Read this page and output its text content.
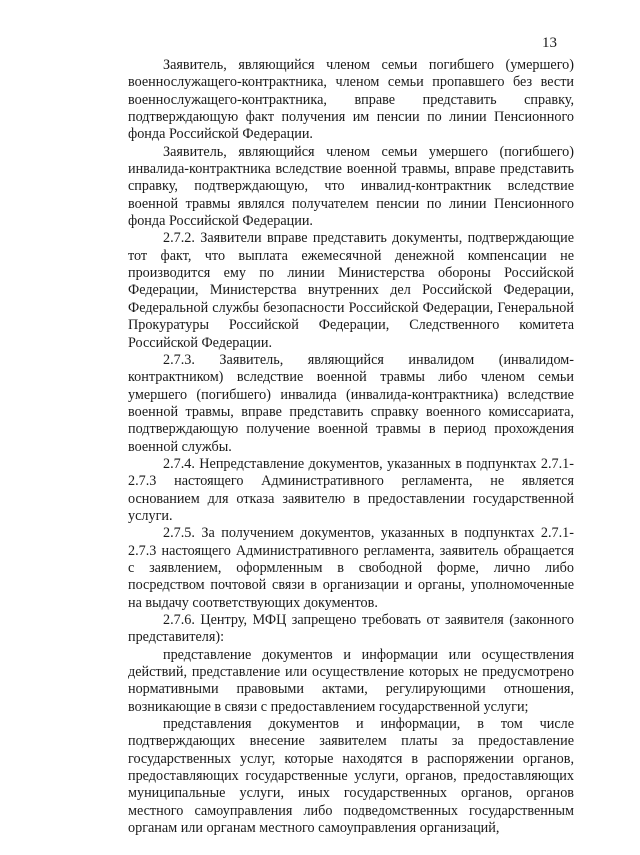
13

Заявитель, являющийся членом семьи погибшего (умершего) военнослужащего-контрактника, членом семьи пропавшего без вести военнослужащего-контрактника, вправе представить справку, подтверждающую факт получения им пенсии по линии Пенсионного фонда Российской Федерации.

Заявитель, являющийся членом семьи умершего (погибшего) инвалида-контрактника вследствие военной травмы, вправе представить справку, подтверждающую, что инвалид-контрактник вследствие военной травмы являлся получателем пенсии по линии Пенсионного фонда Российской Федерации.

2.7.2. Заявители вправе представить документы, подтверждающие тот факт, что выплата ежемесячной денежной компенсации не производится ему по линии Министерства обороны Российской Федерации, Министерства внутренних дел Российской Федерации, Федеральной службы безопасности Российской Федерации, Генеральной Прокуратуры Российской Федерации, Следственного комитета Российской Федерации.

2.7.3. Заявитель, являющийся инвалидом (инвалидом-контрактником) вследствие военной травмы либо членом семьи умершего (погибшего) инвалида (инвалида-контрактника) вследствие военной травмы, вправе представить справку военного комиссариата, подтверждающую получение военной травмы в период прохождения военной службы.

2.7.4. Непредставление документов, указанных в подпунктах 2.7.1-2.7.3 настоящего Административного регламента, не является основанием для отказа заявителю в предоставлении государственной услуги.

2.7.5. За получением документов, указанных в подпунктах 2.7.1-2.7.3 настоящего Административного регламента, заявитель обращается с заявлением, оформленным в свободной форме, лично либо посредством почтовой связи в организации и органы, уполномоченные на выдачу соответствующих документов.

2.7.6. Центру, МФЦ запрещено требовать от заявителя (законного представителя):

представление документов и информации или осуществления действий, представление или осуществление которых не предусмотрено нормативными правовыми актами, регулирующими отношения, возникающие в связи с предоставлением государственной услуги;

представления документов и информации, в том числе подтверждающих внесение заявителем платы за предоставление государственных услуг, которые находятся в распоряжении органов, предоставляющих государственные услуги, органов, предоставляющих муниципальные услуги, иных государственных органов, органов местного самоуправления либо подведомственных государственным органам или органам местного самоуправления организаций,
